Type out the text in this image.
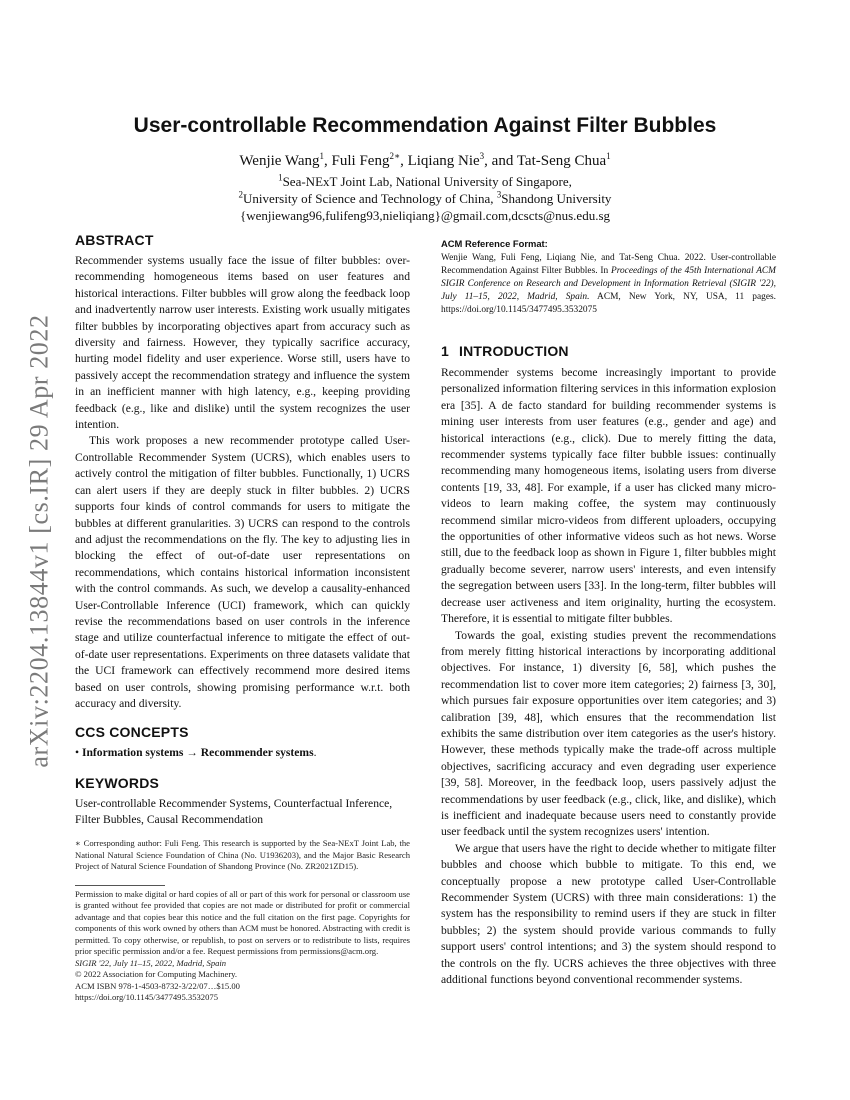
arXiv:2204.13844v1 [cs.IR] 29 Apr 2022
User-controllable Recommendation Against Filter Bubbles
Wenjie Wang$^1$, Fuli Feng$^{2∗}$, Liqiang Nie$^3$, and Tat-Seng Chua$^1$
$^1$Sea-NExT Joint Lab, National University of Singapore,
$^2$University of Science and Technology of China, $^3$Shandong University
{wenjiewang96,fulifeng93,nieliqiang}@gmail.com,dcscts@nus.edu.sg
ABSTRACT

Recommender systems usually face the issue of filter bubbles: over-recommending homogeneous items based on user features and historical interactions. Filter bubbles will grow along the feedback loop and inadvertently narrow user interests. Existing work usually mitigates filter bubbles by incorporating objectives apart from accuracy such as diversity and fairness. However, they typically sacrifice accuracy, hurting model fidelity and user experience. Worse still, users have to passively accept the recommendation strategy and influence the system in an inefficient manner with high latency, e.g., keeping providing feedback (e.g., like and dislike) until the system recognizes the user intention.

This work proposes a new recommender prototype called User-Controllable Recommender System (UCRS), which enables users to actively control the mitigation of filter bubbles. Functionally, 1) UCRS can alert users if they are deeply stuck in filter bubbles. 2) UCRS supports four kinds of control commands for users to mitigate the bubbles at different granularities. 3) UCRS can respond to the controls and adjust the recommendations on the fly. The key to adjusting lies in blocking the effect of out-of-date user representations on recommendations, which contains historical information inconsistent with the control commands. As such, we develop a causality-enhanced User-Controllable Inference (UCI) framework, which can quickly revise the recommendations based on user controls in the inference stage and utilize counterfactual inference to mitigate the effect of out-of-date user representations. Experiments on three datasets validate that the UCI framework can effectively recommend more desired items based on user controls, showing promising performance w.r.t. both accuracy and diversity.

CCS CONCEPTS

• Information systems → Recommender systems.

KEYWORDS

User-controllable Recommender Systems, Counterfactual Inference, Filter Bubbles, Causal Recommendation

∗ Corresponding author: Fuli Feng. This research is supported by the Sea-NExT Joint Lab, the National Natural Science Foundation of China (No. U1936203), and the Major Basic Research Project of Natural Science Foundation of Shandong Province (No. ZR2021ZD15).

Permission to make digital or hard copies of all or part of this work for personal or classroom use is granted without fee provided that copies are not made or distributed for profit or commercial advantage and that copies bear this notice and the full citation on the first page. Copyrights for components of this work owned by others than ACM must be honored. Abstracting with credit is permitted. To copy otherwise, or republish, to post on servers or to redistribute to lists, requires prior specific permission and/or a fee. Request permissions from permissions@acm.org.

SIGIR '22, July 11–15, 2022, Madrid, Spain

© 2022 Association for Computing Machinery.

ACM ISBN 978-1-4503-8732-3/22/07…$15.00

https://doi.org/10.1145/3477495.3532075

ACM Reference Format:

Wenjie Wang, Fuli Feng, Liqiang Nie, and Tat-Seng Chua. 2022. User-controllable Recommendation Against Filter Bubbles. In Proceedings of the 45th International ACM SIGIR Conference on Research and Development in Information Retrieval (SIGIR '22), July 11–15, 2022, Madrid, Spain. ACM, New York, NY, USA, 11 pages. https://doi.org/10.1145/3477495.3532075

1 INTRODUCTION

Recommender systems become increasingly important to provide personalized information filtering services in this information explosion era [35]. A de facto standard for building recommender systems is mining user interests from user features (e.g., gender and age) and historical interactions (e.g., click). Due to merely fitting the data, recommender systems typically face filter bubble issues: continually recommending many homogeneous items, isolating users from diverse contents [19, 33, 48]. For example, if a user has clicked many micro-videos to learn making coffee, the system may continuously recommend similar micro-videos from different uploaders, occupying the opportunities of other informative videos such as hot news. Worse still, due to the feedback loop as shown in Figure 1, filter bubbles might gradually become severer, narrow users' interests, and even intensify the segregation between users [33]. In the long-term, filter bubbles will decrease user activeness and item originality, hurting the ecosystem. Therefore, it is essential to mitigate filter bubbles.

Towards the goal, existing studies prevent the recommendations from merely fitting historical interactions by incorporating additional objectives. For instance, 1) diversity [6, 58], which pushes the recommendation list to cover more item categories; 2) fairness [3, 30], which pursues fair exposure opportunities over item categories; and 3) calibration [39, 48], which ensures that the recommendation list exhibits the same distribution over item categories as the user's history. However, these methods typically make the trade-off across multiple objectives, sacrificing accuracy and even degrading user experience [39, 58]. Moreover, in the feedback loop, users passively adjust the recommendations by user feedback (e.g., click, like, and dislike), which is inefficient and inadequate because users need to constantly provide user feedback until the system recognizes users' intention.

We argue that users have the right to decide whether to mitigate filter bubbles and choose which bubble to mitigate. To this end, we conceptually propose a new prototype called User-Controllable Recommender System (UCRS) with three main considerations: 1) the system has the responsibility to remind users if they are stuck in filter bubbles; 2) the system should provide various commands to fully support users' control intentions; and 3) the system should respond to the controls on the fly. UCRS achieves the three objectives with three additional functions beyond conventional recommender systems.
